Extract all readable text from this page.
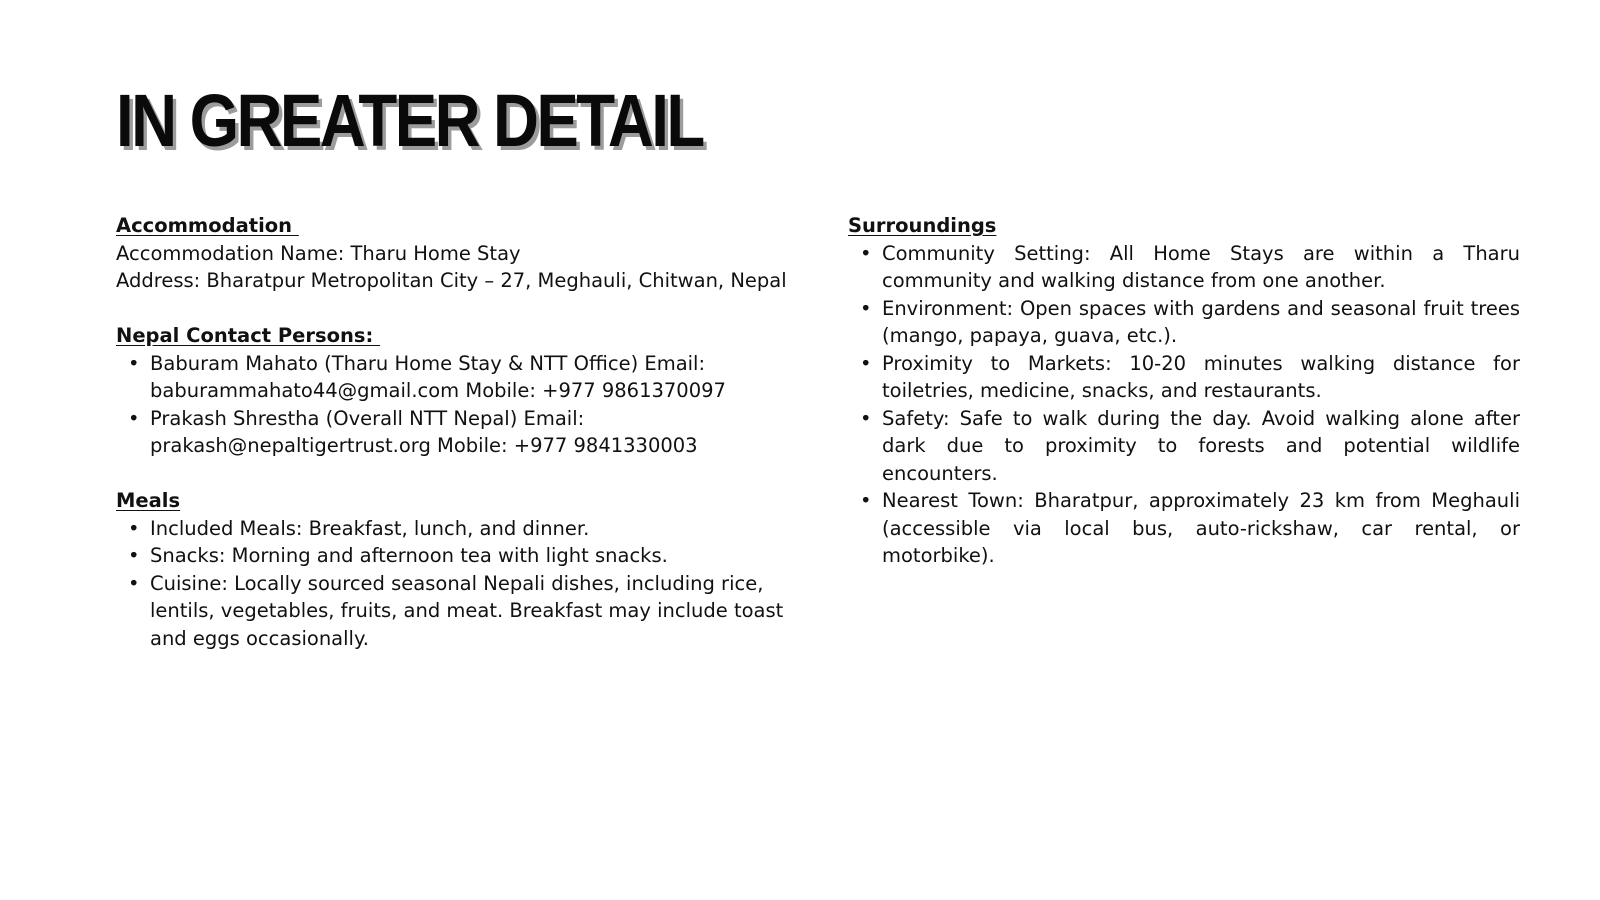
IN GREATER DETAIL

Accommodation

Accommodation Name: Tharu Home Stay

Address: Bharatpur Metropolitan City – 27, Meghauli, Chitwan, Nepal

Nepal Contact Persons:

• Baburam Mahato (Tharu Home Stay & NTT Office) Email:
baburammahato44@gmail.com Mobile: +977 9861370097
• Prakash Shrestha (Overall NTT Nepal) Email:
prakash@nepaltigertrust.org Mobile: +977 9841330003

Meals

• Included Meals: Breakfast, lunch, and dinner.
• Snacks: Morning and afternoon tea with light snacks.
• Cuisine: Locally sourced seasonal Nepali dishes, including rice, lentils, vegetables, fruits, and meat. Breakfast may include toast and eggs occasionally.

Surroundings

• Community Setting: All Home Stays are within a Tharu community and walking distance from one another.
• Environment: Open spaces with gardens and seasonal fruit trees (mango, papaya, guava, etc.).
• Proximity to Markets: 10-20 minutes walking distance for toiletries, medicine, snacks, and restaurants.
• Safety: Safe to walk during the day. Avoid walking alone after dark due to proximity to forests and potential wildlife encounters.
• Nearest Town: Bharatpur, approximately 23 km from Meghauli (accessible via local bus, auto-rickshaw, car rental, or motorbike).
